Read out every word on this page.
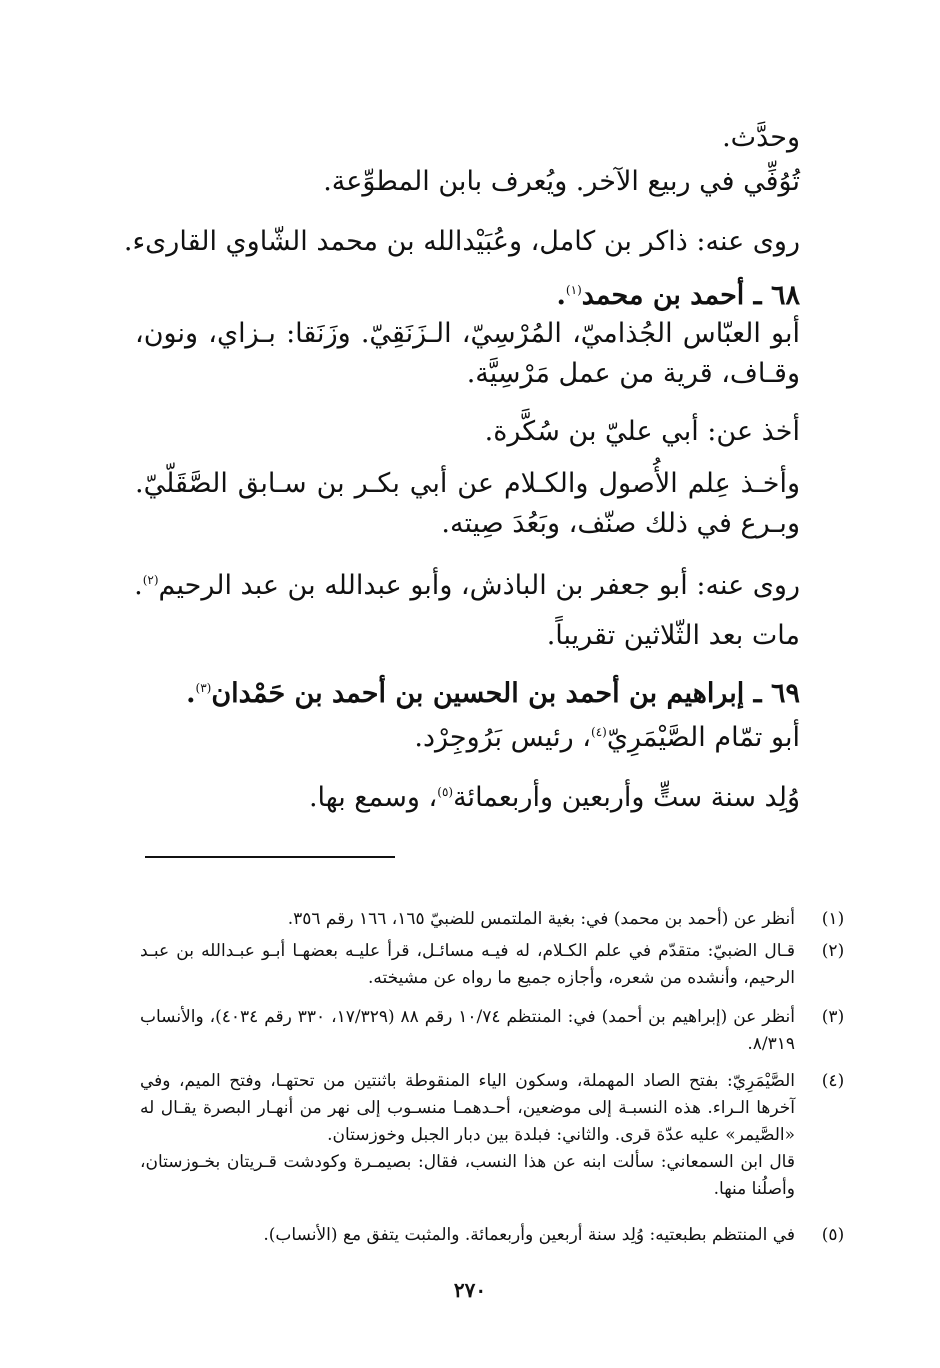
وحدَّث.
تُوُفِّي في ربيع الآخر. ويُعرف بابن المطوِّعة.
روى عنه: ذاكر بن كامل، وعُبَيْدالله بن محمد الشّاوي القارىء.
٦٨ ـ أحمد بن محمد$^{(١)}$.
أبو العبّاس الجُذاميّ، المُرْسِيّ، الـزَنَقِيّ. وزَنَقا: بـزاي، ونون، وقـاف، قرية من عمل مَرْسِيَّة.
أخذ عن: أبي عليّ بن سُكَّرة.
وأخـذ عِلم الأُصول والكـلام عن أبي بكـر بن سـابق الصَّقَلّيّ. وبـرع في ذلك صنّف، وبَعُدَ صِيته.
روى عنه: أبو جعفر بن الباذش، وأبو عبدالله بن عبد الرحيم$^{(٢)}$.
مات بعد الثّلاثين تقريباً.
٦٩ ـ إبراهيم بن أحمد بن الحسين بن أحمد بن حَمْدان$^{(٣)}$.
أبو تمّام الصَّيْمَرِيّ$^{(٤)}$، رئيس بَرُوجِرْد.
وُلِد سنة ستٍّ وأربعين وأربعمائة$^{(٥)}$، وسمع بها.
(١)
أنظر عن (أحمد بن محمد) في: بغية الملتمس للضبيّ ١٦٥، ١٦٦ رقم ٣٥٦.
(٢)
قـال الضبيّ: متقدّم في علم الكـلام، له فيـه مسائـل، قرأ عليـه بعضهـا أبـو عبـدالله بن عبـد الرحيم، وأنشده من شعره، وأجازه جميع ما رواه عن مشيخته.
(٣)
أنظر عن (إبراهيم بن أحمد) في: المنتظم ١٠/٧٤ رقم ٨٨ (١٧/٣٢٩، ٣٣٠ رقم ٤٠٣٤)، والأنساب ٨/٣١٩.
(٤)
الصَّيْمَرِيّ: بفتح الصاد المهملة، وسكون الياء المنقوطة باثنتين من تحتهـا، وفتح الميم، وفي آخرها الـراء. هذه النسبـة إلى موضعين، أحـدهمـا منسـوب إلى نهر من أنهـار البصرة يقـال له «الصَّيمر» عليه عدّة قرى. والثاني: فبلدة بين دبار الجبل وخوزستان.
قال ابن السمعاني: سألت ابنه عن هذا النسب، فقال: بصيمـرة وكودشت قـريتان بخـوزستان، وأصلُنا منها.
(٥)
في المنتظم بطبعتيه: وُلِد سنة أربعين وأربعمائة. والمثبت يتفق مع (الأنساب).
٢٧٠
